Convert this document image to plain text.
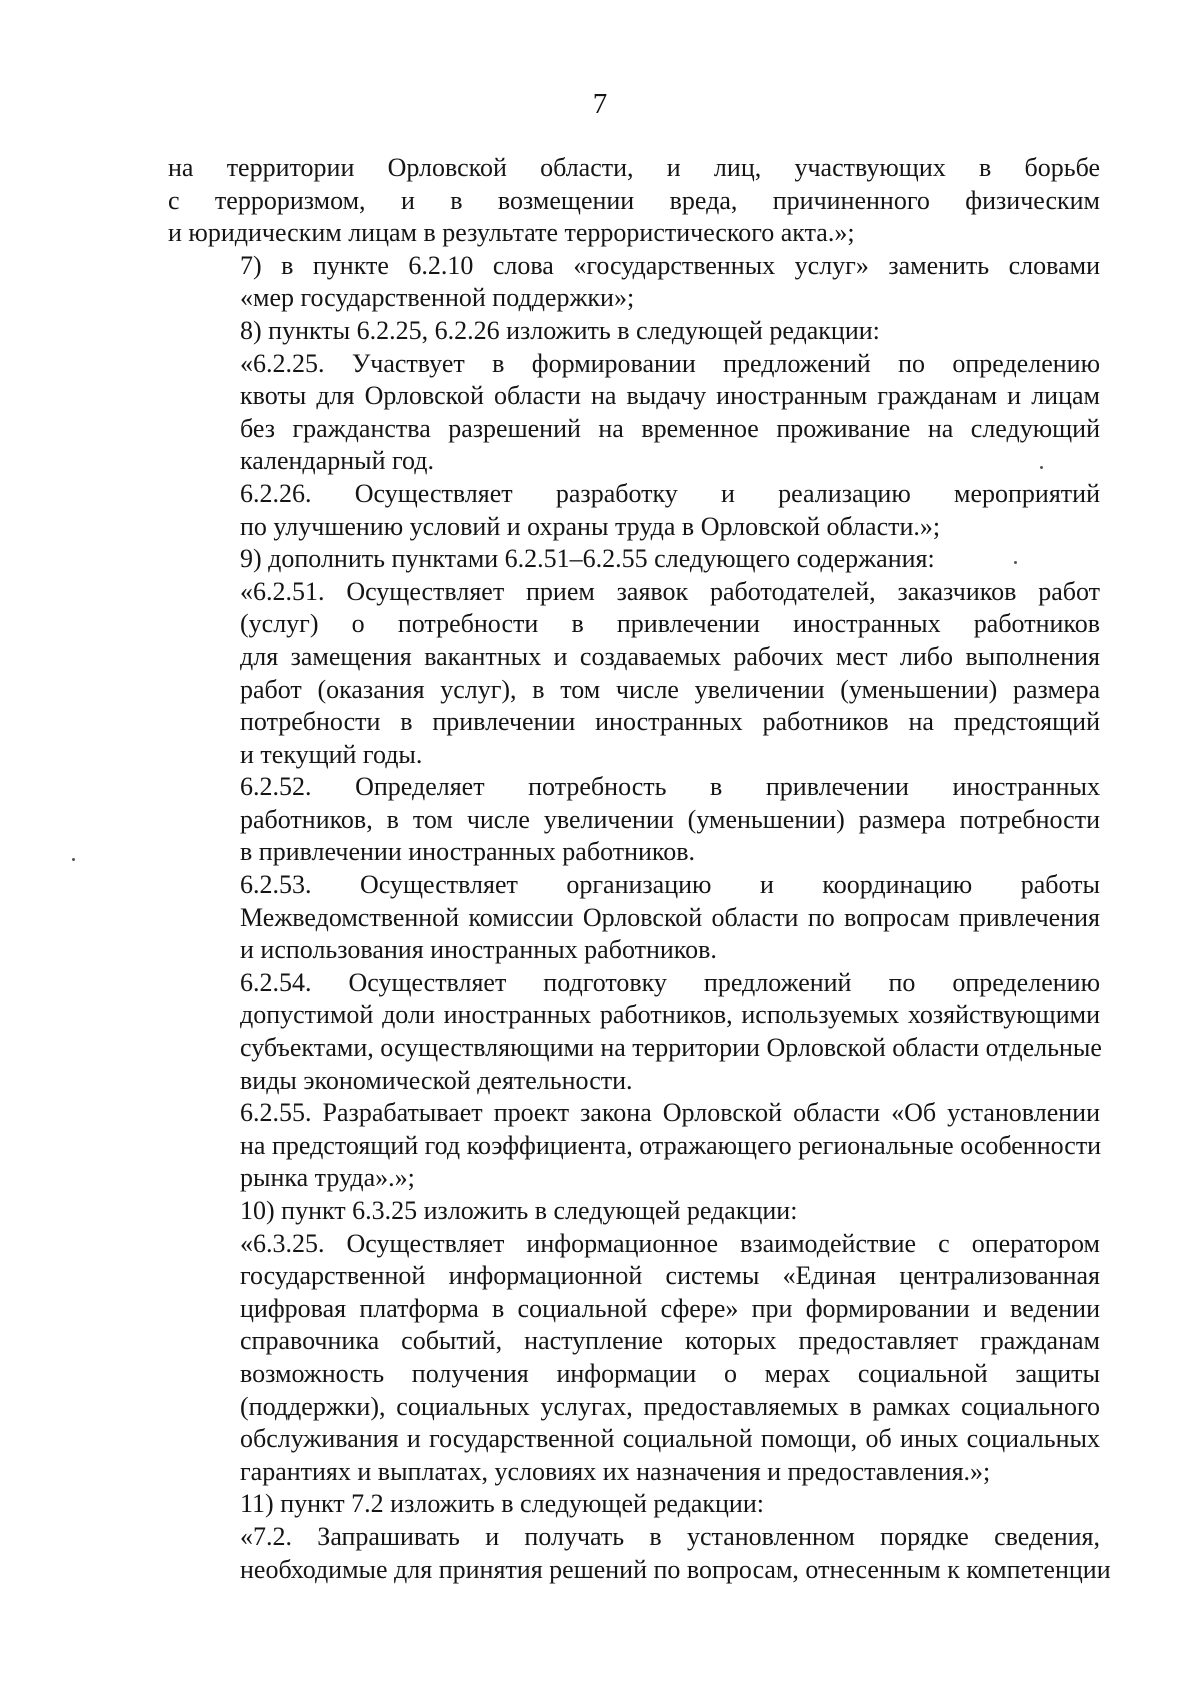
7

на территории Орловской области, и лиц, участвующих в борьбе
с терроризмом, и в возмещении вреда, причиненного физическим
и юридическим лицам в результате террористического акта.»;

7) в пункте 6.2.10 слова «государственных услуг» заменить словами
«мер государственной поддержки»;

8) пункты 6.2.25, 6.2.26 изложить в следующей редакции:

«6.2.25. Участвует в формировании предложений по определению
квоты для Орловской области на выдачу иностранным гражданам и лицам
без гражданства разрешений на временное проживание на следующий
календарный год.

6.2.26. Осуществляет разработку и реализацию мероприятий
по улучшению условий и охраны труда в Орловской области.»;

9) дополнить пунктами 6.2.51–6.2.55 следующего содержания:

«6.2.51. Осуществляет прием заявок работодателей, заказчиков работ
(услуг) о потребности в привлечении иностранных работников
для замещения вакантных и создаваемых рабочих мест либо выполнения
работ (оказания услуг), в том числе увеличении (уменьшении) размера
потребности в привлечении иностранных работников на предстоящий
и текущий годы.

6.2.52. Определяет потребность в привлечении иностранных
работников, в том числе увеличении (уменьшении) размера потребности
в привлечении иностранных работников.

6.2.53. Осуществляет организацию и координацию работы
Межведомственной комиссии Орловской области по вопросам привлечения
и использования иностранных работников.

6.2.54. Осуществляет подготовку предложений по определению
допустимой доли иностранных работников, используемых хозяйствующими
субъектами, осуществляющими на территории Орловской области отдельные
виды экономической деятельности.

6.2.55. Разрабатывает проект закона Орловской области «Об установлении
на предстоящий год коэффициента, отражающего региональные особенности
рынка труда».»;

10) пункт 6.3.25 изложить в следующей редакции:

«6.3.25. Осуществляет информационное взаимодействие с оператором
государственной информационной системы «Единая централизованная
цифровая платформа в социальной сфере» при формировании и ведении
справочника событий, наступление которых предоставляет гражданам
возможность получения информации о мерах социальной защиты
(поддержки), социальных услугах, предоставляемых в рамках социального
обслуживания и государственной социальной помощи, об иных социальных
гарантиях и выплатах, условиях их назначения и предоставления.»;

11) пункт 7.2 изложить в следующей редакции:

«7.2. Запрашивать и получать в установленном порядке сведения,
необходимые для принятия решений по вопросам, отнесенным к компетенции
